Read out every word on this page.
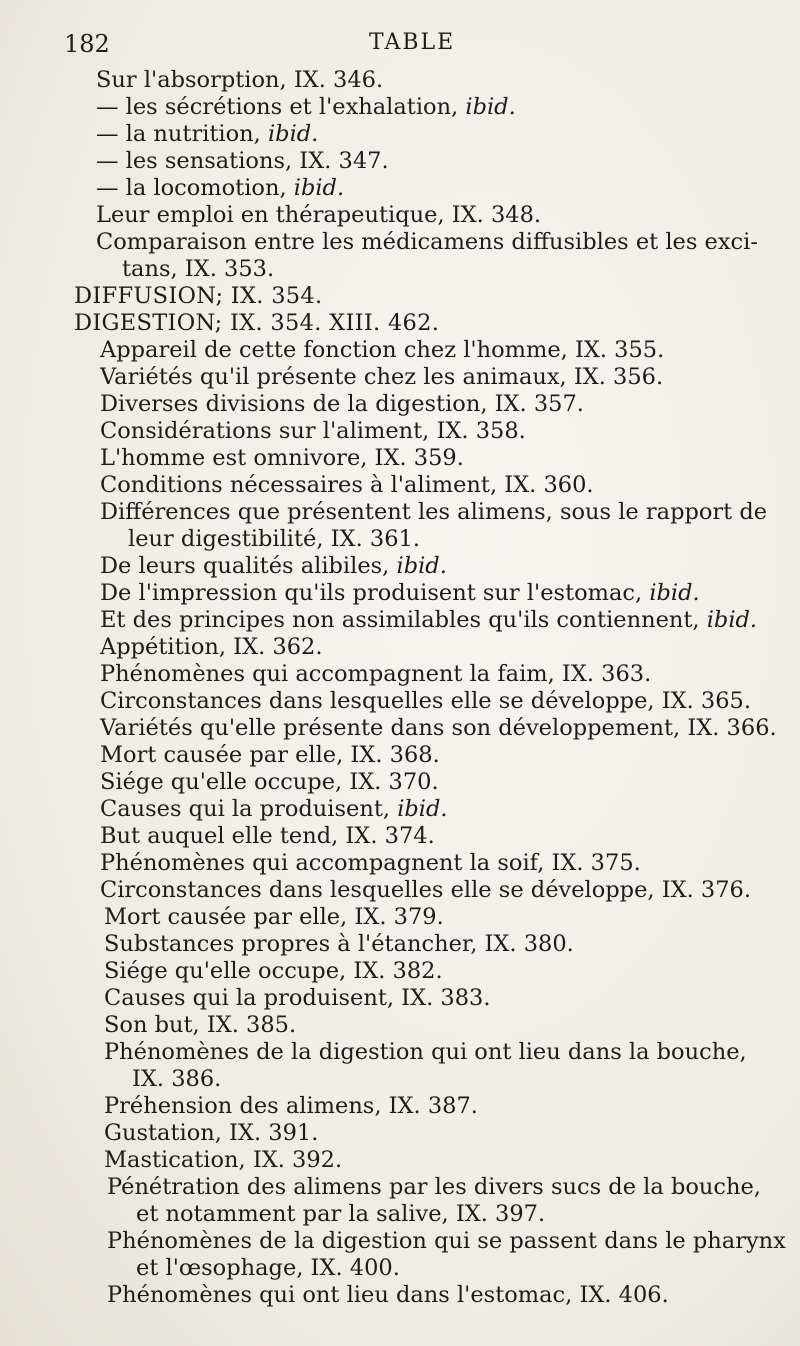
182	TABLE
Sur l'absorption, IX. 346.
— les sécrétions et l'exhalation, ibid.
— la nutrition, ibid.
— les sensations, IX. 347.
— la locomotion, ibid.
Leur emploi en thérapeutique, IX. 348.
Comparaison entre les médicamens diffusibles et les exci-
tans, IX. 353.
DIFFUSION; IX. 354.
DIGESTION; IX. 354. XIII. 462.
Appareil de cette fonction chez l'homme, IX. 355.
Variétés qu'il présente chez les animaux, IX. 356.
Diverses divisions de la digestion, IX. 357.
Considérations sur l'aliment, IX. 358.
L'homme est omnivore, IX. 359.
Conditions nécessaires à l'aliment, IX. 360.
Différences que présentent les alimens, sous le rapport de
leur digestibilité, IX. 361.
De leurs qualités alibiles, ibid.
De l'impression qu'ils produisent sur l'estomac, ibid.
Et des principes non assimilables qu'ils contiennent, ibid.
Appétition, IX. 362.
Phénomènes qui accompagnent la faim, IX. 363.
Circonstances dans lesquelles elle se développe, IX. 365.
Variétés qu'elle présente dans son développement, IX. 366.
Mort causée par elle, IX. 368.
Siége qu'elle occupe, IX. 370.
Causes qui la produisent, ibid.
But auquel elle tend, IX. 374.
Phénomènes qui accompagnent la soif, IX. 375.
Circonstances dans lesquelles elle se développe, IX. 376.
Mort causée par elle, IX. 379.
Substances propres à l'étancher, IX. 380.
Siége qu'elle occupe, IX. 382.
Causes qui la produisent, IX. 383.
Son but, IX. 385.
Phénomènes de la digestion qui ont lieu dans la bouche,
IX. 386.
Préhension des alimens, IX. 387.
Gustation, IX. 391.
Mastication, IX. 392.
Pénétration des alimens par les divers sucs de la bouche,
et notamment par la salive, IX. 397.
Phénomènes de la digestion qui se passent dans le pharynx
et l'œsophage, IX. 400.
Phénomènes qui ont lieu dans l'estomac, IX. 406.
